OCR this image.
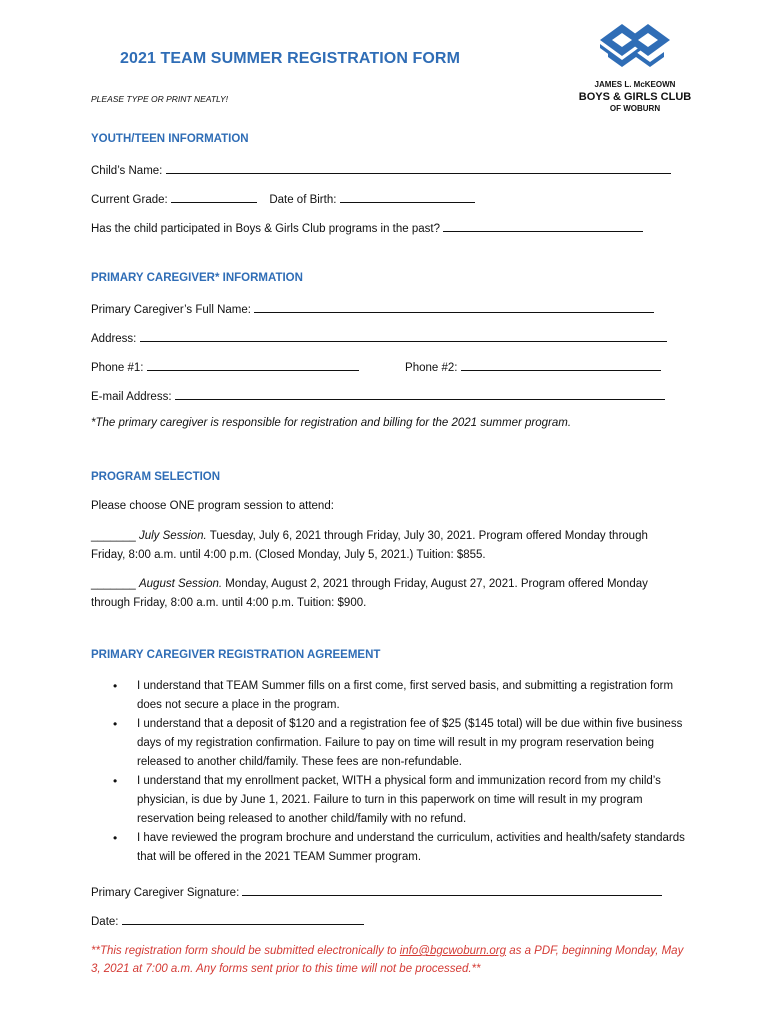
2021 TEAM SUMMER REGISTRATION FORM
PLEASE TYPE OR PRINT NEATLY!
JAMES L. McKEOWN
BOYS & GIRLS CLUB
OF WOBURN
YOUTH/TEEN INFORMATION
Child’s Name:
Current Grade:	Date of Birth:
Has the child participated in Boys & Girls Club programs in the past?
PRIMARY CAREGIVER* INFORMATION
Primary Caregiver’s Full Name:
Address:
Phone #1:	Phone #2:
E-mail Address:
*The primary caregiver is responsible for registration and billing for the 2021 summer program.
PROGRAM SELECTION
Please choose ONE program session to attend:
_______ July Session. Tuesday, July 6, 2021 through Friday, July 30, 2021. Program offered Monday through Friday, 8:00 a.m. until 4:00 p.m. (Closed Monday, July 5, 2021.) Tuition: $855.
_______ August Session. Monday, August 2, 2021 through Friday, August 27, 2021. Program offered Monday through Friday, 8:00 a.m. until 4:00 p.m. Tuition: $900.
PRIMARY CAREGIVER REGISTRATION AGREEMENT
• I understand that TEAM Summer fills on a first come, first served basis, and submitting a registration form does not secure a place in the program.
• I understand that a deposit of $120 and a registration fee of $25 ($145 total) will be due within five business days of my registration confirmation. Failure to pay on time will result in my program reservation being released to another child/family. These fees are non-refundable.
• I understand that my enrollment packet, WITH a physical form and immunization record from my child’s physician, is due by June 1, 2021. Failure to turn in this paperwork on time will result in my program reservation being released to another child/family with no refund.
• I have reviewed the program brochure and understand the curriculum, activities and health/safety standards that will be offered in the 2021 TEAM Summer program.
Primary Caregiver Signature:
Date:
**This registration form should be submitted electronically to info@bgcwoburn.org as a PDF, beginning Monday, May 3, 2021 at 7:00 a.m. Any forms sent prior to this time will not be processed.**
